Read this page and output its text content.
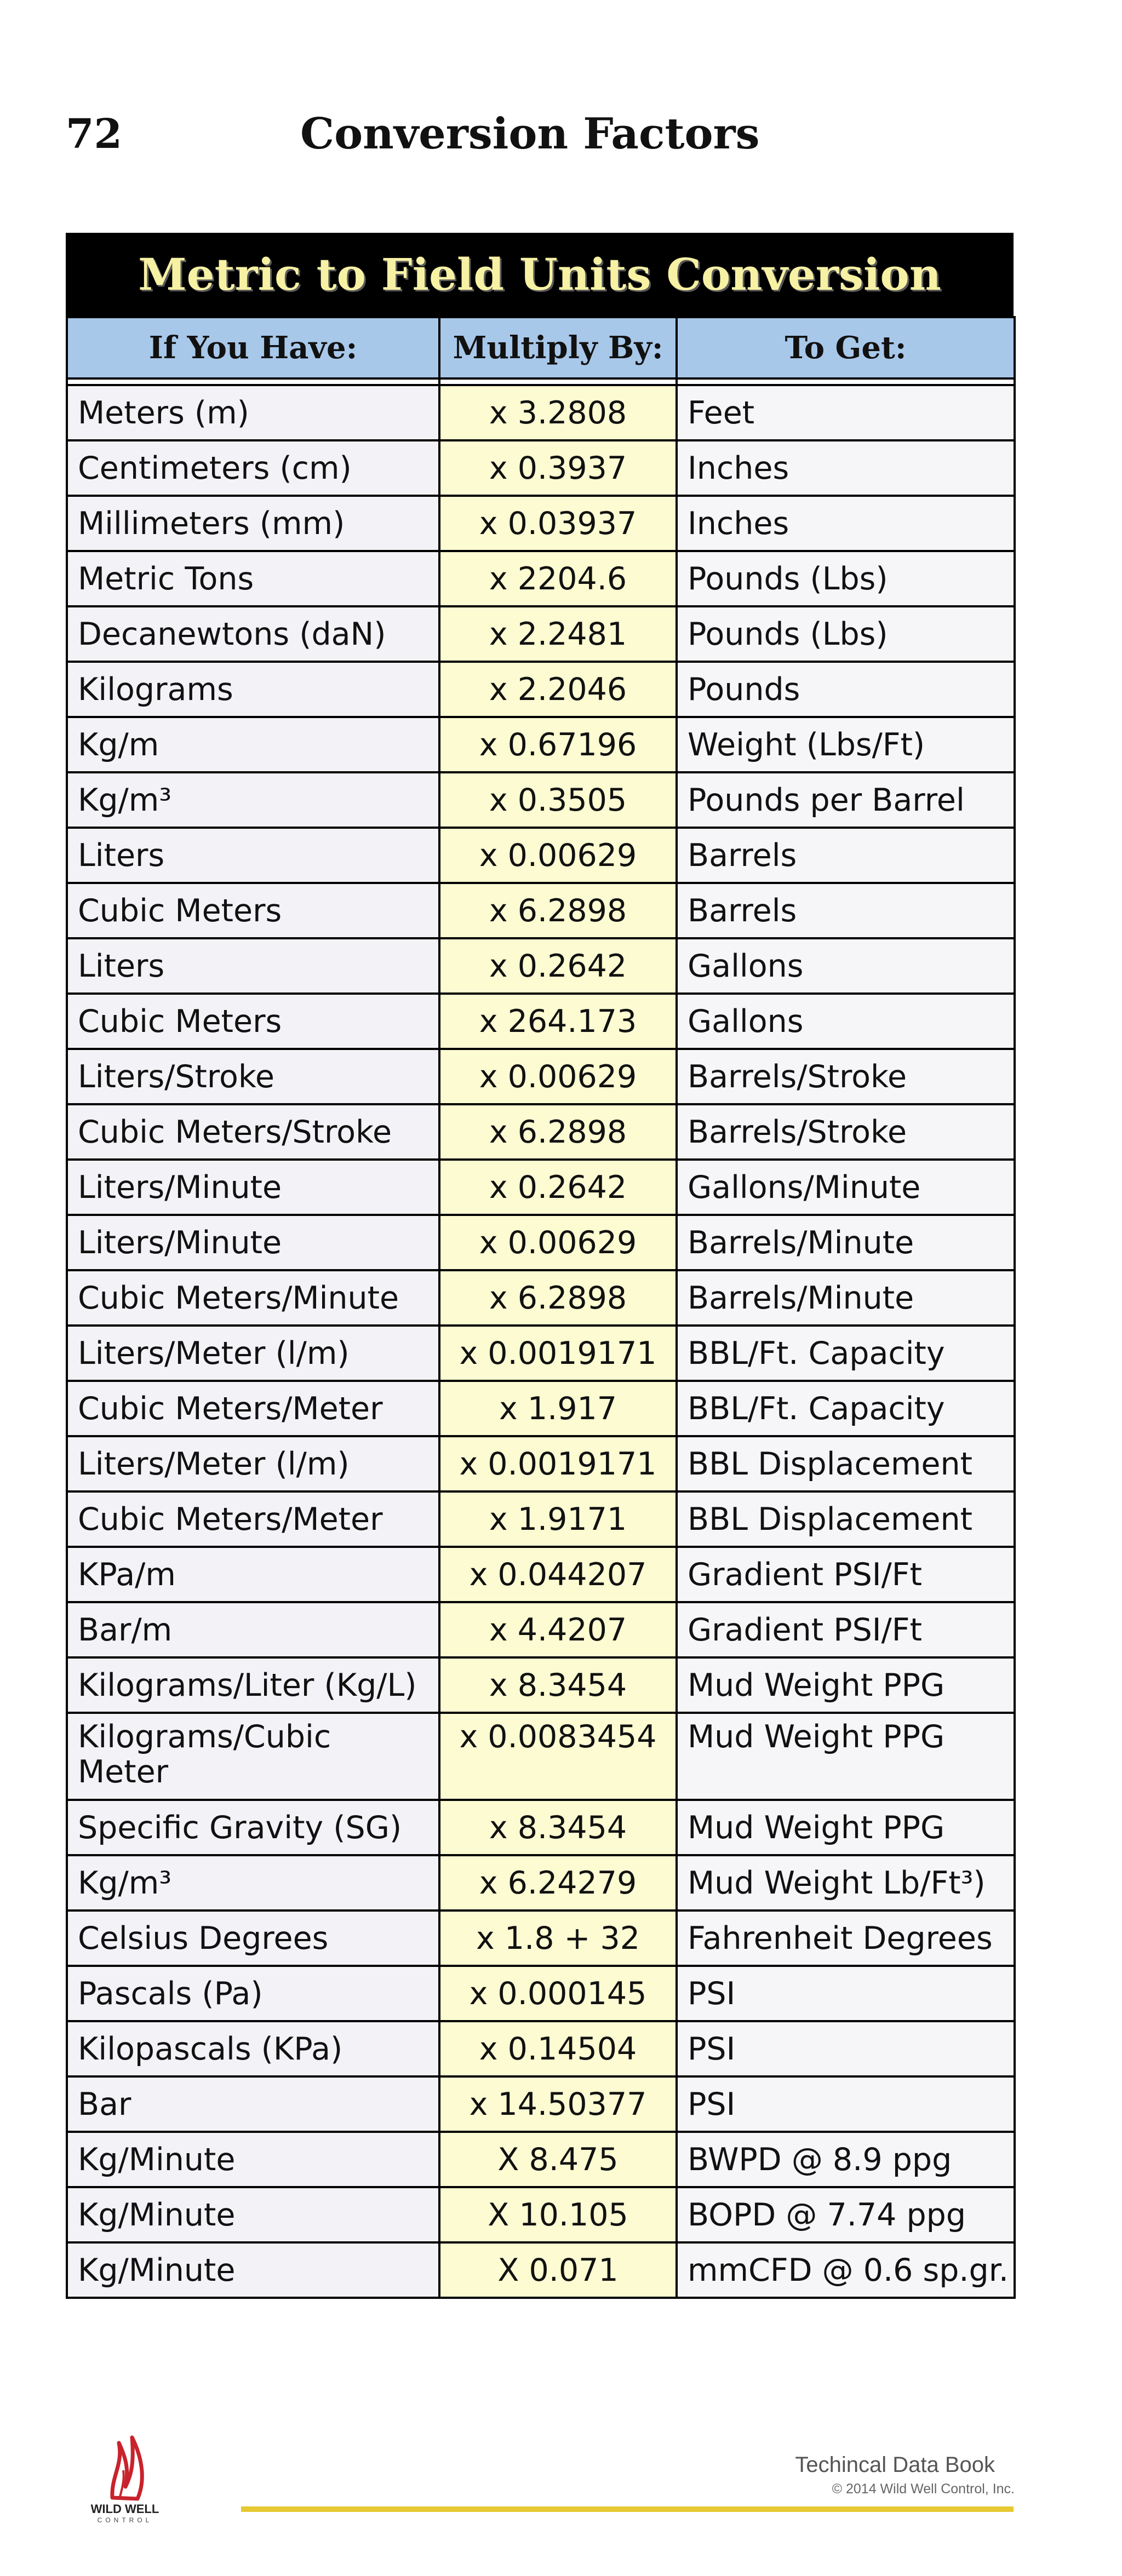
72	Conversion Factors
Metric to Field Units Conversion
If You Have:	Multiply By:	To Get:

Meters (m)	x 3.2808	Feet
Centimeters (cm)	x 0.3937	Inches
Millimeters (mm)	x 0.03937	Inches
Metric Tons	x 2204.6	Pounds (Lbs)
Decanewtons (daN)	x 2.2481	Pounds (Lbs)
Kilograms	x 2.2046	Pounds
Kg/m	x 0.67196	Weight (Lbs/Ft)
Kg/m³	x 0.3505	Pounds per Barrel
Liters	x 0.00629	Barrels
Cubic Meters	x 6.2898	Barrels
Liters	x 0.2642	Gallons
Cubic Meters	x 264.173	Gallons
Liters/Stroke	x 0.00629	Barrels/Stroke
Cubic Meters/Stroke	x 6.2898	Barrels/Stroke
Liters/Minute	x 0.2642	Gallons/Minute
Liters/Minute	x 0.00629	Barrels/Minute
Cubic Meters/Minute	x 6.2898	Barrels/Minute
Liters/Meter (l/m)	x 0.0019171	BBL/Ft. Capacity
Cubic Meters/Meter	x 1.917	BBL/Ft. Capacity
Liters/Meter (l/m)	x 0.0019171	BBL Displacement
Cubic Meters/Meter	x 1.9171	BBL Displacement
KPa/m	x 0.044207	Gradient PSI/Ft
Bar/m	x 4.4207	Gradient PSI/Ft
Kilograms/Liter (Kg/L)	x 8.3454	Mud Weight PPG
Kilograms/Cubic Meter	x 0.0083454	Mud Weight PPG
Specific Gravity (SG)	x 8.3454	Mud Weight PPG
Kg/m³	x 6.24279	Mud Weight Lb/Ft³)
Celsius Degrees	x 1.8 + 32	Fahrenheit Degrees
Pascals (Pa)	x 0.000145	PSI
Kilopascals (KPa)	x 0.14504	PSI
Bar	x 14.50377	PSI
Kg/Minute	X 8.475	BWPD @ 8.9 ppg
Kg/Minute	X 10.105	BOPD @ 7.74 ppg
Kg/Minute	X 0.071	mmCFD @ 0.6 sp.gr.
WILD WELL
CONTROL
Techincal Data Book
© 2014 Wild Well Control, Inc.
